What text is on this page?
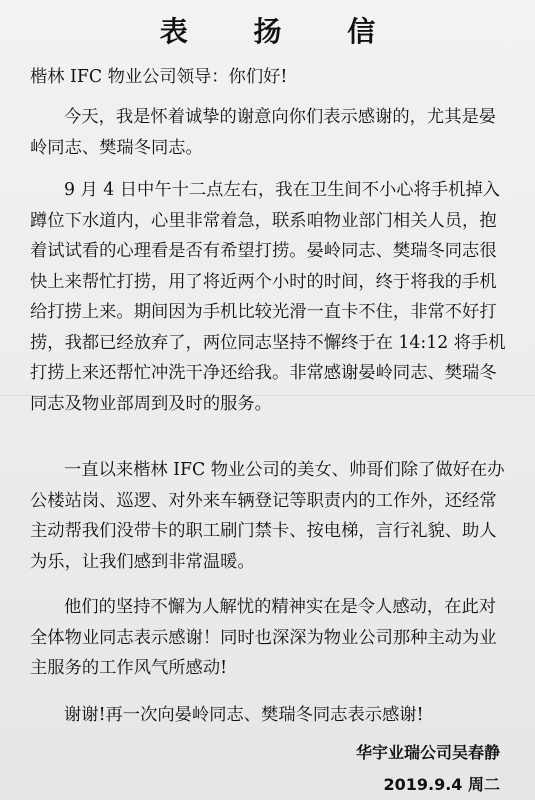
表 扬 信

楷林 IFC 物业公司领导：你们好!

今天，我是怀着诚挚的谢意向你们表示感谢的，尤其是晏岭同志、樊瑞冬同志。

9 月 4 日中午十二点左右，我在卫生间不小心将手机掉入蹲位下水道内，心里非常着急，联系咱物业部门相关人员，抱着试试看的心理看是否有希望打捞。晏岭同志、樊瑞冬同志很快上来帮忙打捞，用了将近两个小时的时间，终于将我的手机给打捞上来。期间因为手机比较光滑一直卡不住，非常不好打捞，我都已经放弃了，两位同志坚持不懈终于在 14:12 将手机打捞上来还帮忙冲洗干净还给我。非常感谢晏岭同志、樊瑞冬同志及物业部周到及时的服务。

一直以来楷林 IFC 物业公司的美女、帅哥们除了做好在办公楼站岗、巡逻、对外来车辆登记等职责内的工作外，还经常主动帮我们没带卡的职工刷门禁卡、按电梯，言行礼貌、助人为乐，让我们感到非常温暖。

他们的坚持不懈为人解忧的精神实在是令人感动，在此对全体物业同志表示感谢！同时也深深为物业公司那种主动为业主服务的工作风气所感动!

谢谢!再一次向晏岭同志、樊瑞冬同志表示感谢!

华宇业瑞公司吴春静
2019.9.4 周二
